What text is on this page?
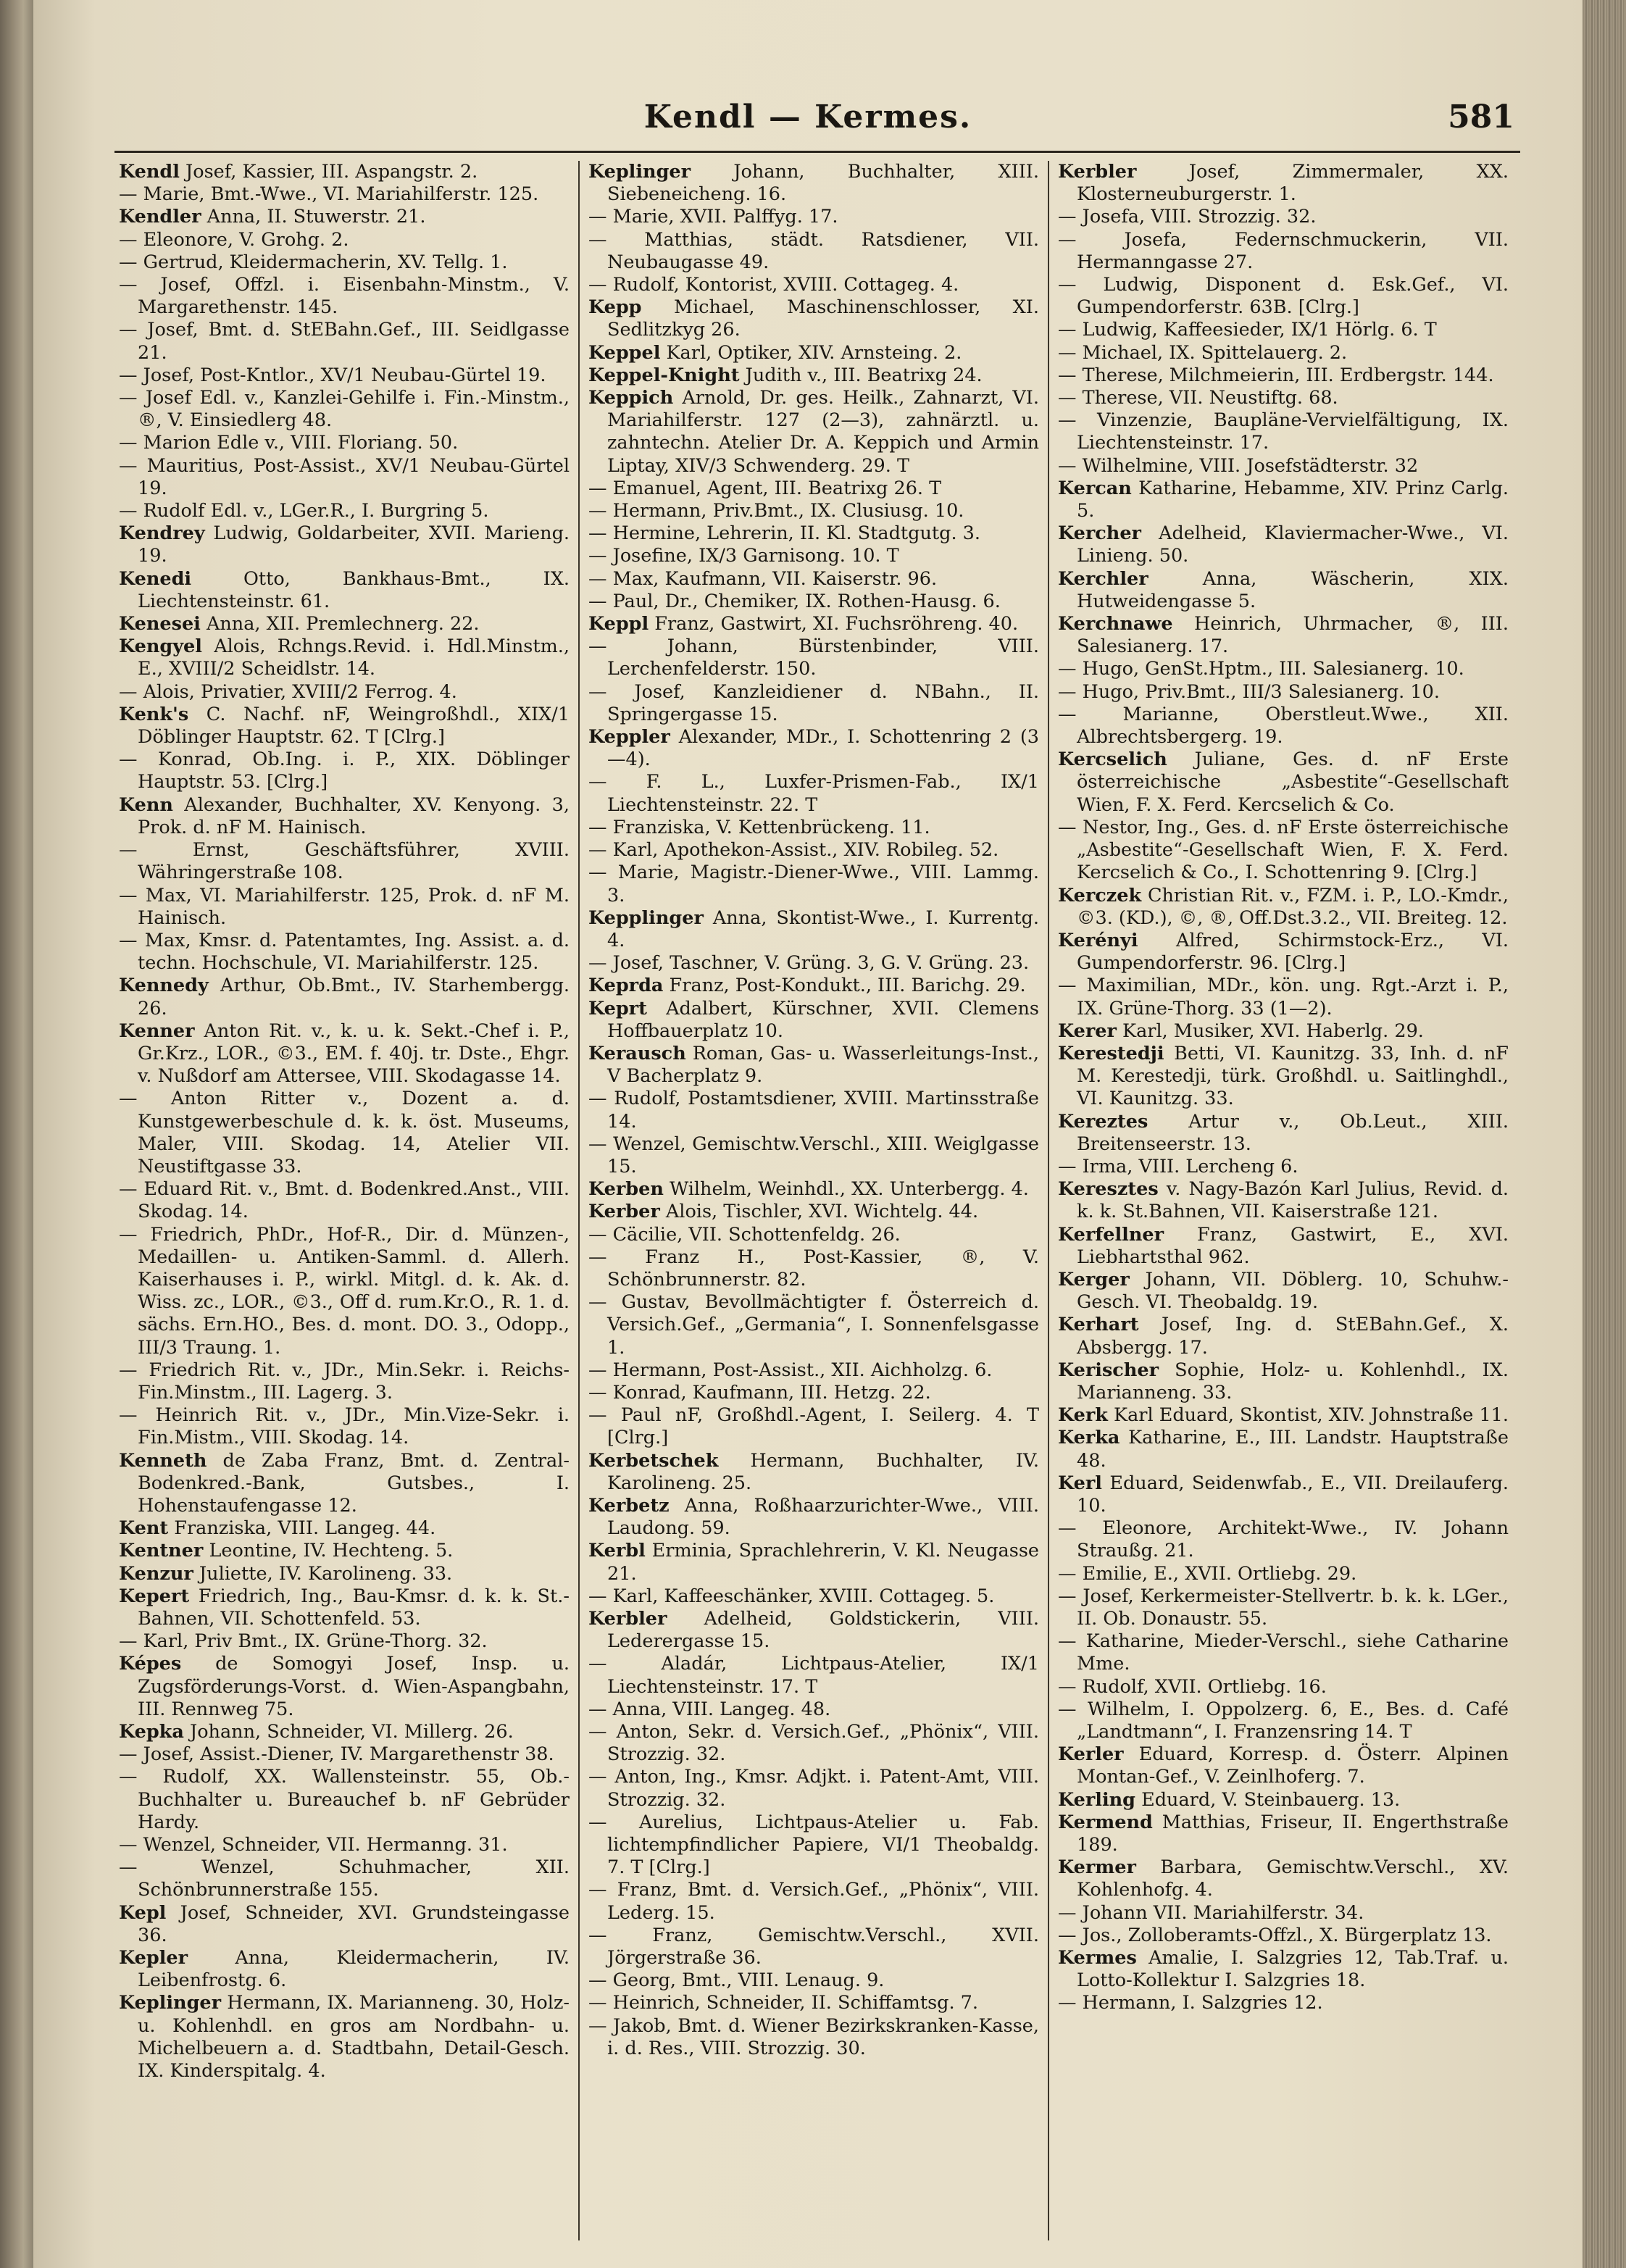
Kendl — Kermes.	581

Kendl Josef, Kassier, III. Aspangstr. 2.

— Marie, Bmt.-Wwe., VI. Mariahilferstr. 125.

Kendler Anna, II. Stuwerstr. 21.

— Eleonore, V. Grohg. 2.

— Gertrud, Kleidermacherin, XV. Tellg. 1.

— Josef, Offzl. i. Eisenbahn-Minstm., V. Margarethenstr. 145.

— Josef, Bmt. d. StEBahn.Gef., III. Seidlgasse 21.

— Josef, Post-Kntlor., XV/1 Neubau-Gürtel 19.

— Josef Edl. v., Kanzlei-Gehilfe i. Fin.-Minstm., ®, V. Einsiedlerg 48.

— Marion Edle v., VIII. Floriang. 50.

— Mauritius, Post-Assist., XV/1 Neubau-Gürtel 19.

— Rudolf Edl. v., LGer.R., I. Burgring 5.

Kendrey Ludwig, Goldarbeiter, XVII. Marieng. 19.

Kenedi Otto, Bankhaus-Bmt., IX. Liechtensteinstr. 61.

Kenesei Anna, XII. Premlechnerg. 22.

Kengyel Alois, Rchngs.Revid. i. Hdl.Minstm., E., XVIII/2 Scheidlstr. 14.

— Alois, Privatier, XVIII/2 Ferrog. 4.

Kenk's C. Nachf. nF, Weingroßhdl., XIX/1 Döblinger Hauptstr. 62. T [Clrg.]

— Konrad, Ob.Ing. i. P., XIX. Döblinger Hauptstr. 53. [Clrg.]

Kenn Alexander, Buchhalter, XV. Kenyong. 3, Prok. d. nF M. Hainisch.

— Ernst, Geschäftsführer, XVIII. Währingerstraße 108.

— Max, VI. Mariahilferstr. 125, Prok. d. nF M. Hainisch.

— Max, Kmsr. d. Patentamtes, Ing. Assist. a. d. techn. Hochschule, VI. Mariahilferstr. 125.

Kennedy Arthur, Ob.Bmt., IV. Starhembergg. 26.

Kenner Anton Rit. v., k. u. k. Sekt.-Chef i. P., Gr.Krz., LOR., ©3., EM. f. 40j. tr. Dste., Ehgr. v. Nußdorf am Attersee, VIII. Skodagasse 14.

— Anton Ritter v., Dozent a. d. Kunstgewerbeschule d. k. k. öst. Museums, Maler, VIII. Skodag. 14, Atelier VII. Neustiftgasse 33.

— Eduard Rit. v., Bmt. d. Bodenkred.Anst., VIII. Skodag. 14.

— Friedrich, PhDr., Hof-R., Dir. d. Münzen-, Medaillen- u. Antiken-Samml. d. Allerh. Kaiserhauses i. P., wirkl. Mitgl. d. k. Ak. d. Wiss. zc., LOR., ©3., Off d. rum.Kr.O., R. 1. d. sächs. Ern.HO., Bes. d. mont. DO. 3., Odopp., III/3 Traung. 1.

— Friedrich Rit. v., JDr., Min.Sekr. i. Reichs-Fin.Minstm., III. Lagerg. 3.

— Heinrich Rit. v., JDr., Min.Vize-Sekr. i. Fin.Mistm., VIII. Skodag. 14.

Kenneth de Zaba Franz, Bmt. d. Zentral-Bodenkred.-Bank, Gutsbes., I. Hohenstaufengasse 12.

Kent Franziska, VIII. Langeg. 44.

Kentner Leontine, IV. Hechteng. 5.

Kenzur Juliette, IV. Karolineng. 33.

Kepert Friedrich, Ing., Bau-Kmsr. d. k. k. St.-Bahnen, VII. Schottenfeld. 53.

— Karl, Priv Bmt., IX. Grüne-Thorg. 32.

Képes de Somogyi Josef, Insp. u. Zugsförderungs-Vorst. d. Wien-Aspangbahn, III. Rennweg 75.

Kepka Johann, Schneider, VI. Millerg. 26.

— Josef, Assist.-Diener, IV. Margarethenstr 38.

— Rudolf, XX. Wallensteinstr. 55, Ob.-Buchhalter u. Bureauchef b. nF Gebrüder Hardy.

— Wenzel, Schneider, VII. Hermanng. 31.

— Wenzel, Schuhmacher, XII. Schönbrunnerstraße 155.

Kepl Josef, Schneider, XVI. Grundsteingasse 36.

Kepler Anna, Kleidermacherin, IV. Leibenfrostg. 6.

Keplinger Hermann, IX. Marianneng. 30, Holz- u. Kohlenhdl. en gros am Nordbahn- u. Michelbeuern a. d. Stadtbahn, Detail-Gesch. IX. Kinderspitalg. 4.

Keplinger Johann, Buchhalter, XIII. Siebeneicheng. 16.

— Marie, XVII. Palffyg. 17.

— Matthias, städt. Ratsdiener, VII. Neubaugasse 49.

— Rudolf, Kontorist, XVIII. Cottageg. 4.

Kepp Michael, Maschinenschlosser, XI. Sedlitzkyg 26.

Keppel Karl, Optiker, XIV. Arnsteing. 2.

Keppel-Knight Judith v., III. Beatrixg 24.

Keppich Arnold, Dr. ges. Heilk., Zahnarzt, VI. Mariahilferstr. 127 (2—3), zahnärztl. u. zahntechn. Atelier Dr. A. Keppich und Armin Liptay, XIV/3 Schwenderg. 29. T

— Emanuel, Agent, III. Beatrixg 26. T

— Hermann, Priv.Bmt., IX. Clusiusg. 10.

— Hermine, Lehrerin, II. Kl. Stadtgutg. 3.

— Josefine, IX/3 Garnisong. 10. T

— Max, Kaufmann, VII. Kaiserstr. 96.

— Paul, Dr., Chemiker, IX. Rothen-Hausg. 6.

Keppl Franz, Gastwirt, XI. Fuchsröhreng. 40.

— Johann, Bürstenbinder, VIII. Lerchenfelderstr. 150.

— Josef, Kanzleidiener d. NBahn., II. Springergasse 15.

Keppler Alexander, MDr., I. Schottenring 2 (3—4).

— F. L., Luxfer-Prismen-Fab., IX/1 Liechtensteinstr. 22. T

— Franziska, V. Kettenbrückeng. 11.

— Karl, Apothekon-Assist., XIV. Robileg. 52.

— Marie, Magistr.-Diener-Wwe., VIII. Lammg. 3.

Kepplinger Anna, Skontist-Wwe., I. Kurrentg. 4.

— Josef, Taschner, V. Grüng. 3, G. V. Grüng. 23.

Keprda Franz, Post-Kondukt., III. Barichg. 29.

Keprt Adalbert, Kürschner, XVII. Clemens Hoffbauerplatz 10.

Kerausch Roman, Gas- u. Wasserleitungs-Inst., V Bacherplatz 9.

— Rudolf, Postamtsdiener, XVIII. Martinsstraße 14.

— Wenzel, Gemischtw.Verschl., XIII. Weiglgasse 15.

Kerben Wilhelm, Weinhdl., XX. Unterbergg. 4.

Kerber Alois, Tischler, XVI. Wichtelg. 44.

— Cäcilie, VII. Schottenfeldg. 26.

— Franz H., Post-Kassier, ®, V. Schönbrunnerstr. 82.

— Gustav, Bevollmächtigter f. Österreich d. Versich.Gef., „Germania“, I. Sonnenfelsgasse 1.

— Hermann, Post-Assist., XII. Aichholzg. 6.

— Konrad, Kaufmann, III. Hetzg. 22.

— Paul nF, Großhdl.-Agent, I. Seilerg. 4. T [Clrg.]

Kerbetschek Hermann, Buchhalter, IV. Karolineng. 25.

Kerbetz Anna, Roßhaarzurichter-Wwe., VIII. Laudong. 59.

Kerbl Erminia, Sprachlehrerin, V. Kl. Neugasse 21.

— Karl, Kaffeeschänker, XVIII. Cottageg. 5.

Kerbler Adelheid, Goldstickerin, VIII. Lederergasse 15.

— Aladár, Lichtpaus-Atelier, IX/1 Liechtensteinstr. 17. T

— Anna, VIII. Langeg. 48.

— Anton, Sekr. d. Versich.Gef., „Phönix“, VIII. Strozzig. 32.

— Anton, Ing., Kmsr. Adjkt. i. Patent-Amt, VIII. Strozzig. 32.

— Aurelius, Lichtpaus-Atelier u. Fab. lichtempfindlicher Papiere, VI/1 Theobaldg. 7. T [Clrg.]

— Franz, Bmt. d. Versich.Gef., „Phönix“, VIII. Lederg. 15.

— Franz, Gemischtw.Verschl., XVII. Jörgerstraße 36.

— Georg, Bmt., VIII. Lenaug. 9.

— Heinrich, Schneider, II. Schiffamtsg. 7.

— Jakob, Bmt. d. Wiener Bezirkskranken-Kasse, i. d. Res., VIII. Strozzig. 30.

Kerbler Josef, Zimmermaler, XX. Klosterneuburgerstr. 1.

— Josefa, VIII. Strozzig. 32.

— Josefa, Federnschmuckerin, VII. Hermanngasse 27.

— Ludwig, Disponent d. Esk.Gef., VI. Gumpendorferstr. 63B. [Clrg.]

— Ludwig, Kaffeesieder, IX/1 Hörlg. 6. T

— Michael, IX. Spittelauerg. 2.

— Therese, Milchmeierin, III. Erdbergstr. 144.

— Therese, VII. Neustiftg. 68.

— Vinzenzie, Baupläne-Vervielfältigung, IX. Liechtensteinstr. 17.

— Wilhelmine, VIII. Josefstädterstr. 32

Kercan Katharine, Hebamme, XIV. Prinz Carlg. 5.

Kercher Adelheid, Klaviermacher-Wwe., VI. Linieng. 50.

Kerchler Anna, Wäscherin, XIX. Hutweidengasse 5.

Kerchnawe Heinrich, Uhrmacher, ®, III. Salesianerg. 17.

— Hugo, GenSt.Hptm., III. Salesianerg. 10.

— Hugo, Priv.Bmt., III/3 Salesianerg. 10.

— Marianne, Oberstleut.Wwe., XII. Albrechtsbergerg. 19.

Kercselich Juliane, Ges. d. nF Erste österreichische „Asbestite“-Gesellschaft Wien, F. X. Ferd. Kercselich & Co.

— Nestor, Ing., Ges. d. nF Erste österreichische „Asbestite“-Gesellschaft Wien, F. X. Ferd. Kercselich & Co., I. Schottenring 9. [Clrg.]

Kerczek Christian Rit. v., FZM. i. P., LO.-Kmdr., ©3. (KD.), ©, ®, Off.Dst.3.2., VII. Breiteg. 12.

Kerényi Alfred, Schirmstock-Erz., VI. Gumpendorferstr. 96. [Clrg.]

— Maximilian, MDr., kön. ung. Rgt.-Arzt i. P., IX. Grüne-Thorg. 33 (1—2).

Kerer Karl, Musiker, XVI. Haberlg. 29.

Kerestedji Betti, VI. Kaunitzg. 33, Inh. d. nF M. Kerestedji, türk. Großhdl. u. Saitlinghdl., VI. Kaunitzg. 33.

Kereztes Artur v., Ob.Leut., XIII. Breitenseerstr. 13.

— Irma, VIII. Lercheng 6.

Keresztes v. Nagy-Bazón Karl Julius, Revid. d. k. k. St.Bahnen, VII. Kaiserstraße 121.

Kerfellner Franz, Gastwirt, E., XVI. Liebhartsthal 962.

Kerger Johann, VII. Döblerg. 10, Schuhw.-Gesch. VI. Theobaldg. 19.

Kerhart Josef, Ing. d. StEBahn.Gef., X. Absbergg. 17.

Kerischer Sophie, Holz- u. Kohlenhdl., IX. Marianneng. 33.

Kerk Karl Eduard, Skontist, XIV. Johnstraße 11.

Kerka Katharine, E., III. Landstr. Hauptstraße 48.

Kerl Eduard, Seidenwfab., E., VII. Dreilauferg. 10.

— Eleonore, Architekt-Wwe., IV. Johann Straußg. 21.

— Emilie, E., XVII. Ortliebg. 29.

— Josef, Kerkermeister-Stellvertr. b. k. k. LGer., II. Ob. Donaustr. 55.

— Katharine, Mieder-Verschl., siehe Catharine Mme.

— Rudolf, XVII. Ortliebg. 16.

— Wilhelm, I. Oppolzerg. 6, E., Bes. d. Café „Landtmann“, I. Franzensring 14. T

Kerler Eduard, Korresp. d. Österr. Alpinen Montan-Gef., V. Zeinlhoferg. 7.

Kerling Eduard, V. Steinbauerg. 13.

Kermend Matthias, Friseur, II. Engerthstraße 189.

Kermer Barbara, Gemischtw.Verschl., XV. Kohlenhofg. 4.

— Johann VII. Mariahilferstr. 34.

— Jos., Zolloberamts-Offzl., X. Bürgerplatz 13.

Kermes Amalie, I. Salzgries 12, Tab.Traf. u. Lotto-Kollektur I. Salzgries 18.

— Hermann, I. Salzgries 12.
